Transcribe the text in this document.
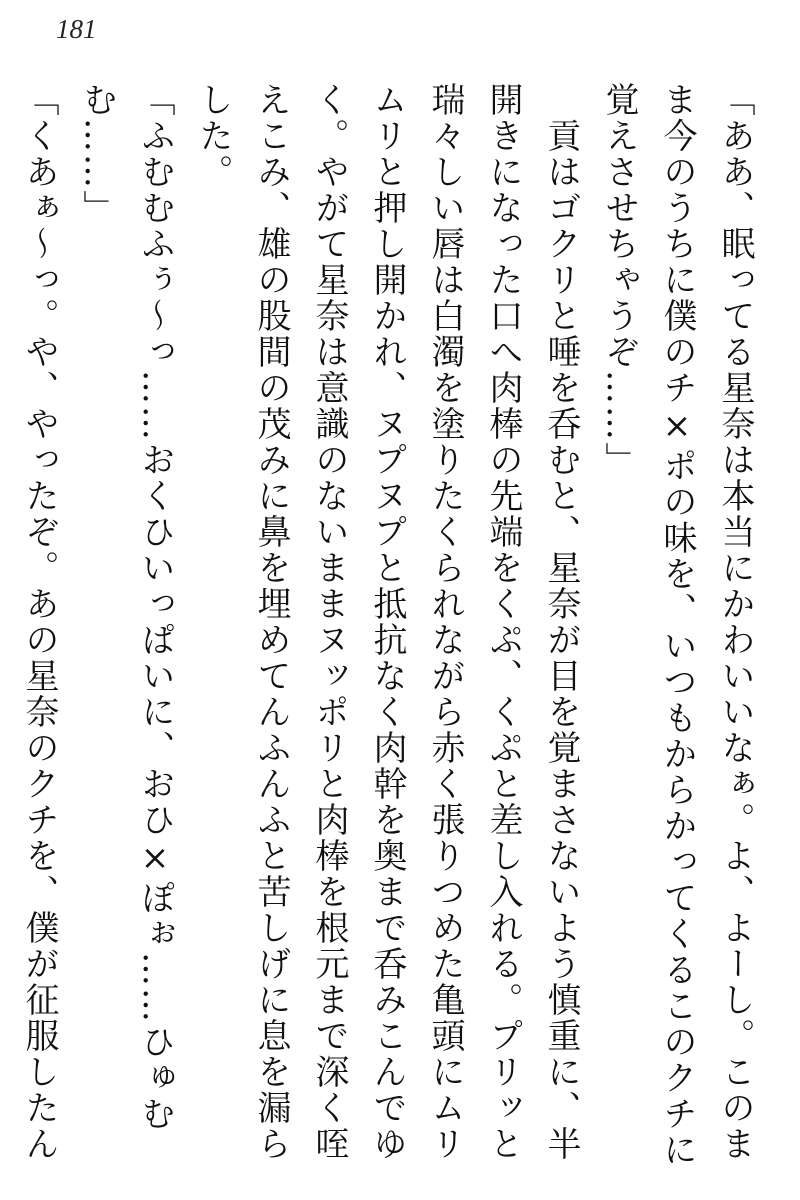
181

「ああ、眠ってる星奈は本当にかわいいなぁ。よ、よーし。このまま今のうちに僕のチ×ポの味を、いつもからかってくるこのクチに覚えさせちゃうぞ……」

　貢はゴクリと唾を呑むと、星奈が目を覚まさないよう慎重に、半開きになった口へ肉棒の先端をくぷ、くぷと差し入れる。プリッと瑞々しい唇は白濁を塗りたくられながら赤く張りつめた亀頭にムリムリと押し開かれ、ヌプヌプと抵抗なく肉幹を奥まで呑みこんでゆく。やがて星奈は意識のないままヌッポリと肉棒を根元まで深く咥えこみ、雄の股間の茂みに鼻を埋めてんふんふと苦しげに息を漏らした。

「ふむむふぅ～っ……おくひいっぱいに、おひ×ぽぉ……ひゅむむ……」

「くあぁ～っ。や、やったぞ。あの星奈のクチを、僕が征服したん
